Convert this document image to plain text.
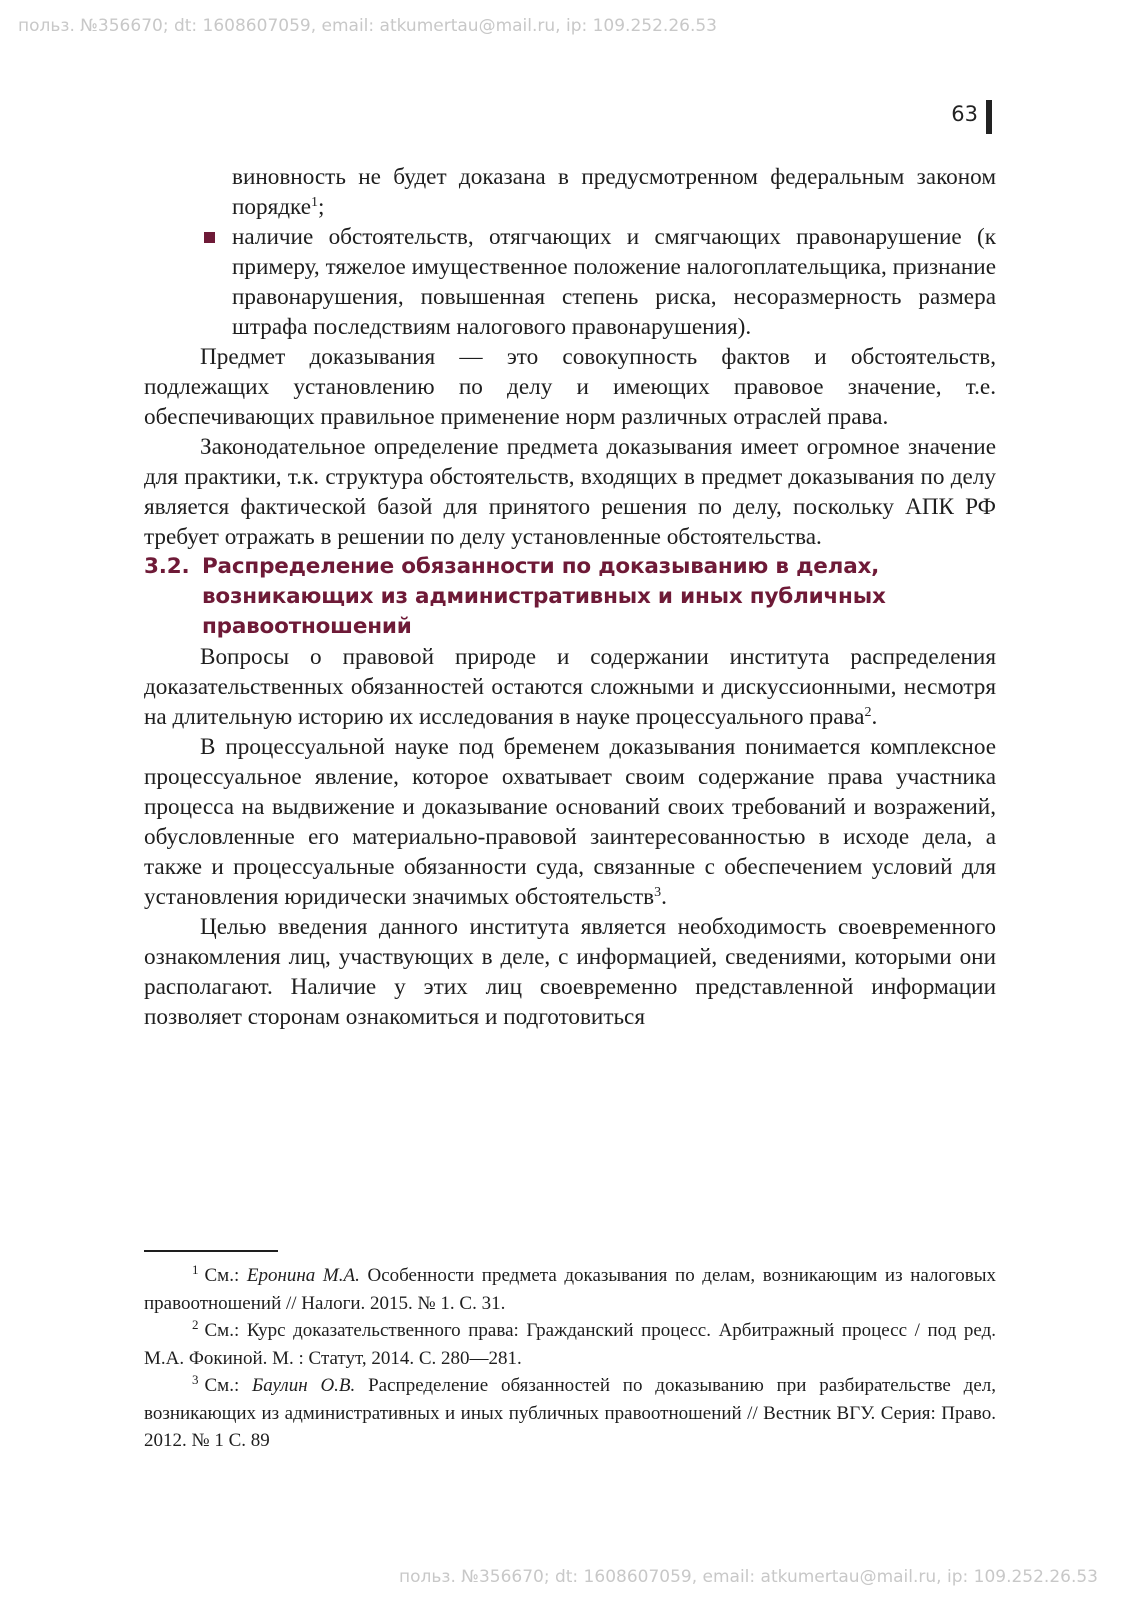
польз. №356670; dt: 1608607059, email: atkumertau@mail.ru, ip: 109.252.26.53
63

виновность не будет доказана в предусмотренном федеральным законом порядке$^1$;

наличие обстоятельств, отягчающих и смягчающих правонарушение (к примеру, тяжелое имущественное положение налогоплательщика, признание правонарушения, повышенная степень риска, несоразмерность размера штрафа последствиям налогового правонарушения).

Предмет доказывания — это совокупность фактов и обстоятельств, подлежащих установлению по делу и имеющих правовое значение, т.е. обеспечивающих правильное применение норм различных отраслей права.

Законодательное определение предмета доказывания имеет огромное значение для практики, т.к. структура обстоятельств, входящих в предмет доказывания по делу является фактической базой для принятого решения по делу, поскольку АПК РФ требует отражать в решении по делу установленные обстоятельства.

3.2. Распределение обязанности по доказыванию в делах, возникающих из административных и иных публичных правоотношений

Вопросы о правовой природе и содержании института распределения доказательственных обязанностей остаются сложными и дискуссионными, несмотря на длительную историю их исследования в науке процессуального права$^2$.

В процессуальной науке под бременем доказывания понимается комплексное процессуальное явление, которое охватывает своим содержание права участника процесса на выдвижение и доказывание оснований своих требований и возражений, обусловленные его материально-правовой заинтересованностью в исходе дела, а также и процессуальные обязанности суда, связанные с обеспечением условий для установления юридически значимых обстоятельств$^3$.

Целью введения данного института является необходимость своевременного ознакомления лиц, участвующих в деле, с информацией, сведениями, которыми они располагают. Наличие у этих лиц своевременно представленной информации позволяет сторонам ознакомиться и подготовиться

$^1$ См.: Еронина М.А. Особенности предмета доказывания по делам, возникающим из налоговых правоотношений // Налоги. 2015. № 1. С. 31.

$^2$ См.: Курс доказательственного права: Гражданский процесс. Арбитражный процесс / под ред. М.А. Фокиной. М. : Статут, 2014. С. 280—281.

$^3$ См.: Баулин О.В. Распределение обязанностей по доказыванию при разбирательстве дел, возникающих из административных и иных публичных правоотношений // Вестник ВГУ. Серия: Право. 2012. № 1 С. 89

польз. №356670; dt: 1608607059, email: atkumertau@mail.ru, ip: 109.252.26.53
